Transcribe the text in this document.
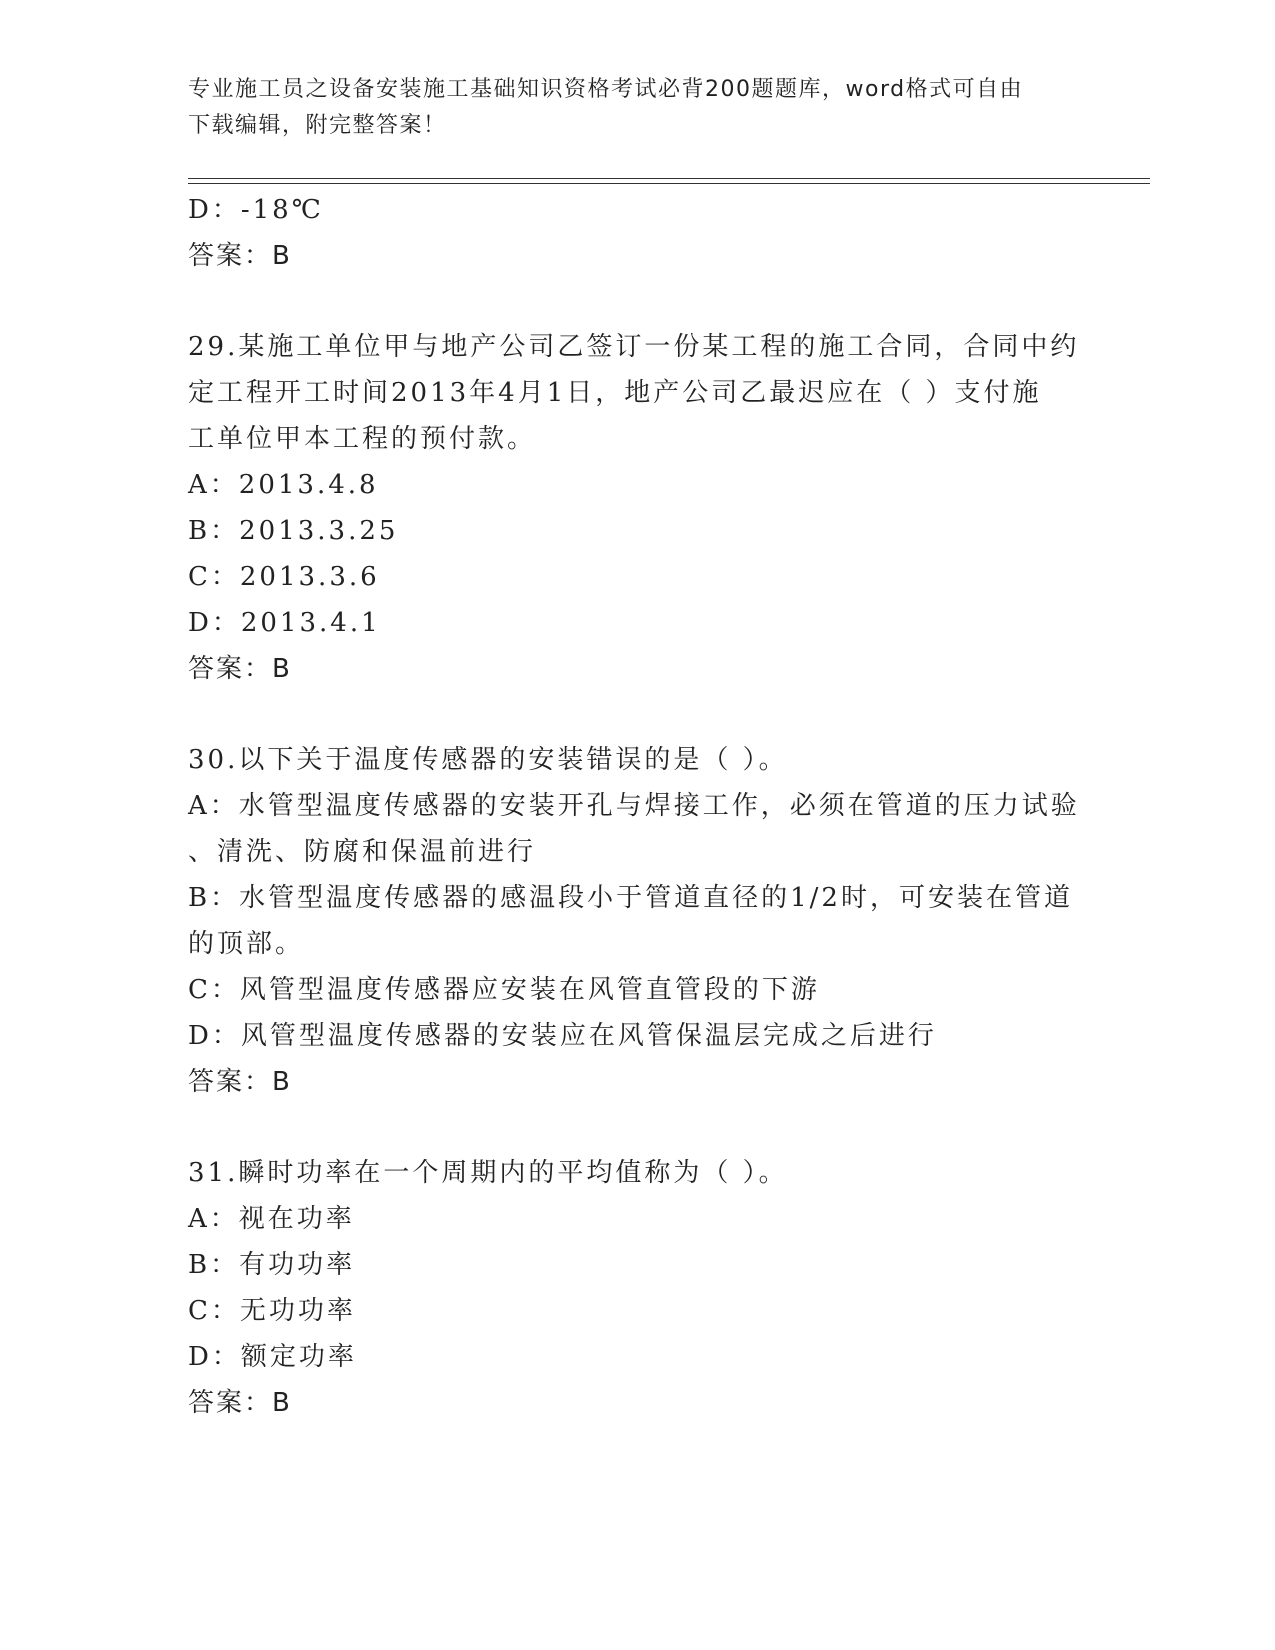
专业施工员之设备安装施工基础知识资格考试必背200题题库，word格式可自由
下载编辑，附完整答案！
D：-18℃
答案：B
29.某施工单位甲与地产公司乙签订一份某工程的施工合同，合同中约
定工程开工时间2013年4月1日，地产公司乙最迟应在（ ）支付施
工单位甲本工程的预付款。
A：2013.4.8
B：2013.3.25
C：2013.3.6
D：2013.4.1
答案：B
30.以下关于温度传感器的安装错误的是（ ）。
A：水管型温度传感器的安装开孔与焊接工作，必须在管道的压力试验
、清洗、防腐和保温前进行
B：水管型温度传感器的感温段小于管道直径的1/2时，可安装在管道
的顶部。
C：风管型温度传感器应安装在风管直管段的下游
D：风管型温度传感器的安装应在风管保温层完成之后进行
答案：B
31.瞬时功率在一个周期内的平均值称为（ ）。
A：视在功率
B：有功功率
C：无功功率
D：额定功率
答案：B
